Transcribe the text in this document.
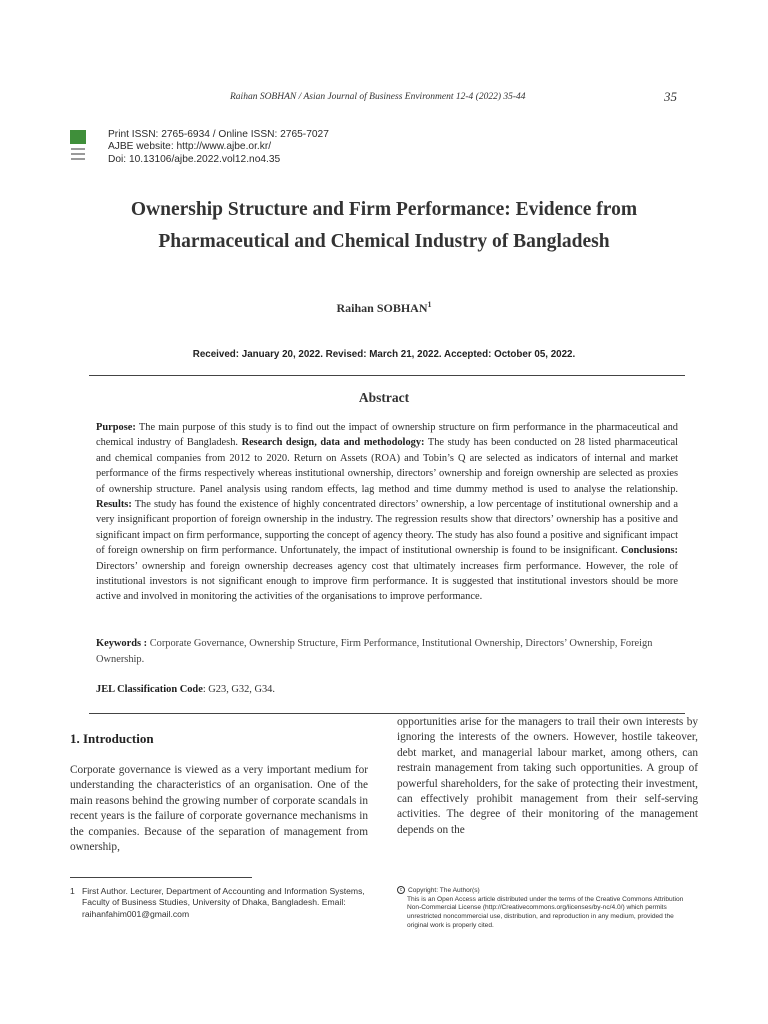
Raihan SOBHAN / Asian Journal of Business Environment 12-4 (2022) 35-44	35
Print ISSN: 2765-6934 / Online ISSN: 2765-7027
AJBE website: http://www.ajbe.or.kr/
Doi: 10.13106/ajbe.2022.vol12.no4.35
Ownership Structure and Firm Performance: Evidence from
Pharmaceutical and Chemical Industry of Bangladesh
Raihan SOBHAN$^1$
Received: January 20, 2022. Revised: March 21, 2022. Accepted: October 05, 2022.
Abstract
Purpose: The main purpose of this study is to find out the impact of ownership structure on firm performance in the pharmaceutical and chemical industry of Bangladesh. Research design, data and methodology: The study has been conducted on 28 listed pharmaceutical and chemical companies from 2012 to 2020. Return on Assets (ROA) and Tobin’s Q are selected as indicators of internal and market performance of the firms respectively whereas institutional ownership, directors’ ownership and foreign ownership are selected as proxies of ownership structure. Panel analysis using random effects, lag method and time dummy method is used to analyse the relationship. Results: The study has found the existence of highly concentrated directors’ ownership, a low percentage of institutional ownership and a very insignificant proportion of foreign ownership in the industry. The regression results show that directors’ ownership has a positive and significant impact on firm performance, supporting the concept of agency theory. The study has also found a positive and significant impact of foreign ownership on firm performance. Unfortunately, the impact of institutional ownership is found to be insignificant. Conclusions: Directors’ ownership and foreign ownership decreases agency cost that ultimately increases firm performance. However, the role of institutional investors is not significant enough to improve firm performance. It is suggested that institutional investors should be more active and involved in monitoring the activities of the organisations to improve performance.
Keywords : Corporate Governance, Ownership Structure, Firm Performance, Institutional Ownership, Directors’ Ownership, Foreign Ownership.
JEL Classification Code: G23, G32, G34.
1. Introduction
Corporate governance is viewed as a very important medium for understanding the characteristics of an organisation. One of the main reasons behind the growing number of corporate scandals in recent years is the failure of corporate governance mechanisms in the companies. Because of the separation of management from ownership,
opportunities arise for the managers to trail their own interests by ignoring the interests of the owners. However, hostile takeover, debt market, and managerial labour market, among others, can restrain management from taking such opportunities. A group of powerful shareholders, for the sake of protecting their investment, can effectively prohibit management from their self-serving activities. The degree of their monitoring of the management depends on the
1 First Author. Lecturer, Department of Accounting and Information Systems, Faculty of Business Studies, University of Dhaka, Bangladesh. Email: raihanfahim001@gmail.com
c Copyright: The Author(s)
This is an Open Access article distributed under the terms of the Creative Commons Attribution Non-Commercial License (http://Creativecommons.org/licenses/by-nc/4.0/) which permits unrestricted noncommercial use, distribution, and reproduction in any medium, provided the original work is properly cited.
